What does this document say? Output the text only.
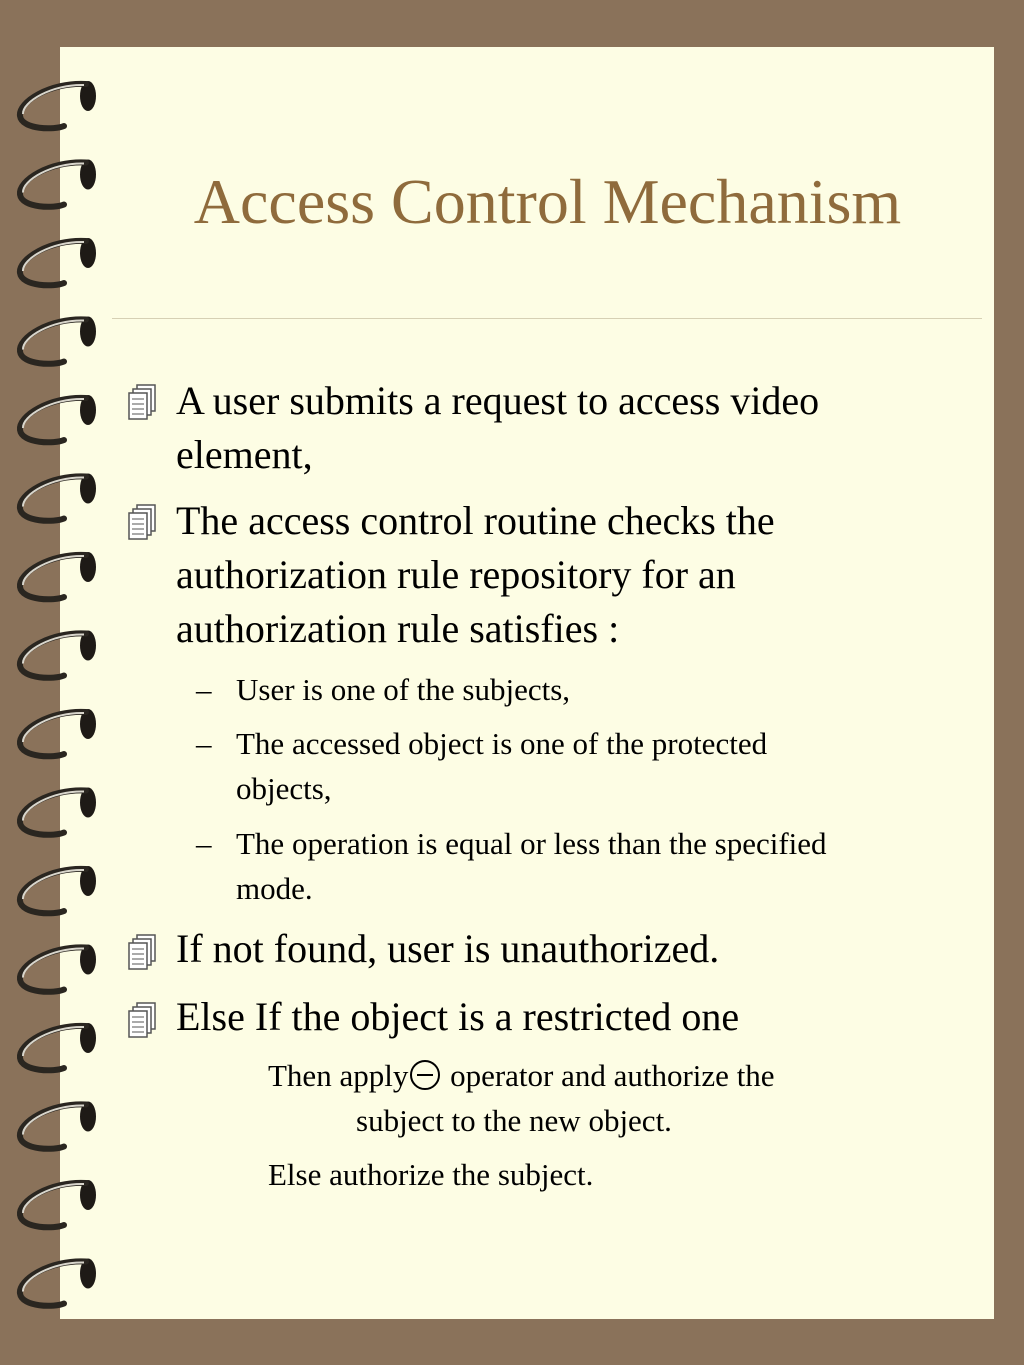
Access Control Mechanism
A user submits a request to access video
element,
The access control routine checks the
authorization rule repository for an
authorization rule satisfies :
– User is one of the subjects,
– The accessed object is one of the protected
objects,
– The operation is equal or less than the specified
mode.
If not found, user is unauthorized.
Else If the object is a restricted one
Then apply operator and authorize the
subject to the new object.
Else authorize the subject.
